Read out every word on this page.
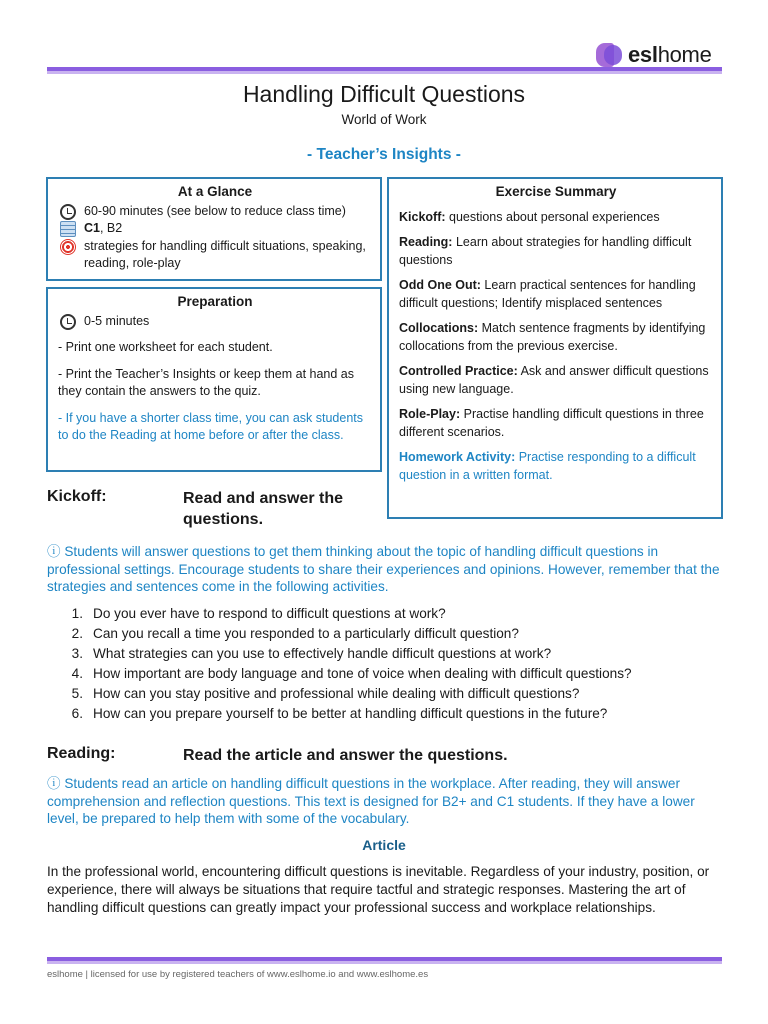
eslhome
Handling Difficult Questions
World of Work
- Teacher’s Insights -
At a Glance
60-90 minutes (see below to reduce class time)
C1, B2
strategies for handling difficult situations, speaking, reading, role-play
Preparation
0-5 minutes

- Print one worksheet for each student.

- Print the Teacher’s Insights or keep them at hand as they contain the answers to the quiz.

- If you have a shorter class time, you can ask students to do the Reading at home before or after the class.

Exercise Summary
Kickoff: questions about personal experiences
Reading: Learn about strategies for handling difficult questions
Odd One Out: Learn practical sentences for handling difficult questions; Identify misplaced sentences
Collocations: Match sentence fragments by identifying collocations from the previous exercise.
Controlled Practice: Ask and answer difficult questions using new language.
Role-Play: Practise handling difficult questions in three different scenarios.
Homework Activity: Practise responding to a difficult question in a written format.
Kickoff:	Read and answer the questions.
ⓘ Students will answer questions to get them thinking about the topic of handling difficult questions in professional settings. Encourage students to share their experiences and opinions. However, remember that the strategies and sentences come in the following activities.
1. Do you ever have to respond to difficult questions at work?
2. Can you recall a time you responded to a particularly difficult question?
3. What strategies can you use to effectively handle difficult questions at work?
4. How important are body language and tone of voice when dealing with difficult questions?
5. How can you stay positive and professional while dealing with difficult questions?
6. How can you prepare yourself to be better at handling difficult questions in the future?
Reading:	Read the article and answer the questions.
ⓘ Students read an article on handling difficult questions in the workplace. After reading, they will answer comprehension and reflection questions. This text is designed for B2+ and C1 students. If they have a lower level, be prepared to help them with some of the vocabulary.
Article
In the professional world, encountering difficult questions is inevitable. Regardless of your industry, position, or experience, there will always be situations that require tactful and strategic responses. Mastering the art of handling difficult questions can greatly impact your professional success and workplace relationships.
eslhome | licensed for use by registered teachers of www.eslhome.io and www.eslhome.es
